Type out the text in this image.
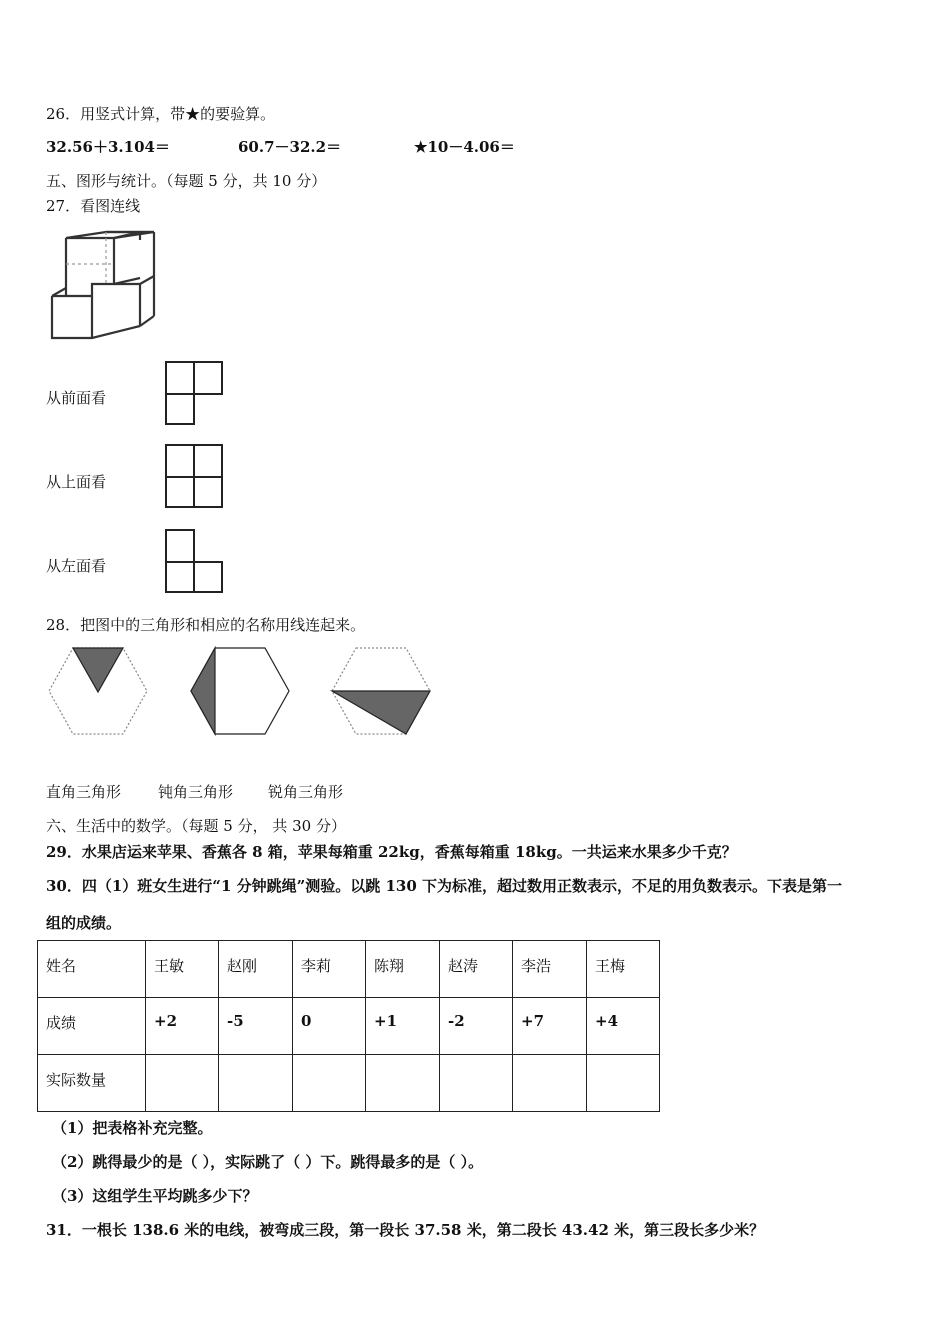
26．用竖式计算，带★的要验算。
32.56＋3.104＝	60.7－32.2＝	★10－4.06＝
五、图形与统计。（每题 5 分，共 10 分）
27．看图连线
从前面看
从上面看
从左面看
28．把图中的三角形和相应的名称用线连起来。
直角三角形 钝角三角形 锐角三角形
六、生活中的数学。（每题 5 分， 共 30 分）
29．水果店运来苹果、香蕉各 8 箱，苹果每箱重 22kg，香蕉每箱重 18kg。一共运来水果多少千克？
30．四（1）班女生进行“1 分钟跳绳”测验。以跳 130 下为标准，超过数用正数表示，不足的用负数表示。下表是第一
组的成绩。
姓名	王敏	赵刚	李莉	陈翔	赵涛	李浩	王梅
成绩	+2	-5	0	+1	-2	+7	+4
实际数量							
（1）把表格补充完整。
（2）跳得最少的是（ ），实际跳了（ ）下。跳得最多的是（ ）。
（3）这组学生平均跳多少下？
31．一根长 138.6 米的电线，被弯成三段，第一段长 37.58 米，第二段长 43.42 米，第三段长多少米？
